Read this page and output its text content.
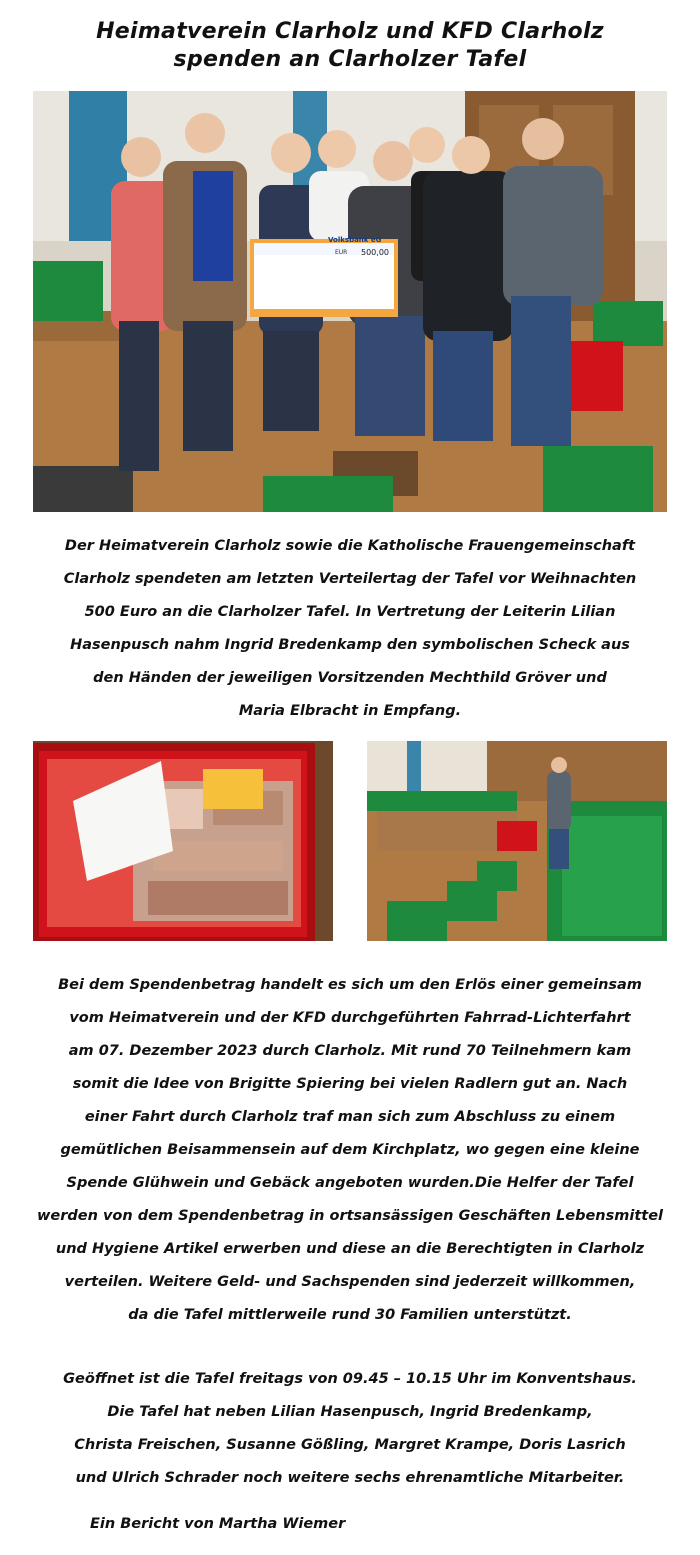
Heimatverein Clarholz und KFD Clarholz
spenden an Clarholzer Tafel
Volksbank eG
EUR 500,00
Der Heimatverein Clarholz sowie die Katholische Frauengemeinschaft
Clarholz spendeten am letzten Verteilertag der Tafel vor Weihnachten
500 Euro an die Clarholzer Tafel. In Vertretung der Leiterin Lilian
Hasenpusch nahm Ingrid Bredenkamp den symbolischen Scheck aus
den Händen der jeweiligen Vorsitzenden Mechthild Gröver und
Maria Elbracht in Empfang.
Bei dem Spendenbetrag handelt es sich um den Erlös einer gemeinsam
vom Heimatverein und der KFD durchgeführten Fahrrad-Lichterfahrt
am 07. Dezember 2023 durch Clarholz. Mit rund 70 Teilnehmern kam
somit die Idee von Brigitte Spiering bei vielen Radlern gut an. Nach
einer Fahrt durch Clarholz traf man sich zum Abschluss zu einem
gemütlichen Beisammensein auf dem Kirchplatz, wo gegen eine kleine
Spende Glühwein und Gebäck angeboten wurden.Die Helfer der Tafel
werden von dem Spendenbetrag in ortsansässigen Geschäften Lebensmittel
und Hygiene Artikel erwerben und diese an die Berechtigten in Clarholz
verteilen. Weitere Geld- und Sachspenden sind jederzeit willkommen,
da die Tafel mittlerweile rund 30 Familien unterstützt.
Geöffnet ist die Tafel freitags von 09.45 – 10.15 Uhr im Konventshaus.
Die Tafel hat neben Lilian Hasenpusch, Ingrid Bredenkamp,
Christa Freischen, Susanne Gößling, Margret Krampe, Doris Lasrich
und Ulrich Schrader noch weitere sechs ehrenamtliche Mitarbeiter.
Ein Bericht von Martha Wiemer
